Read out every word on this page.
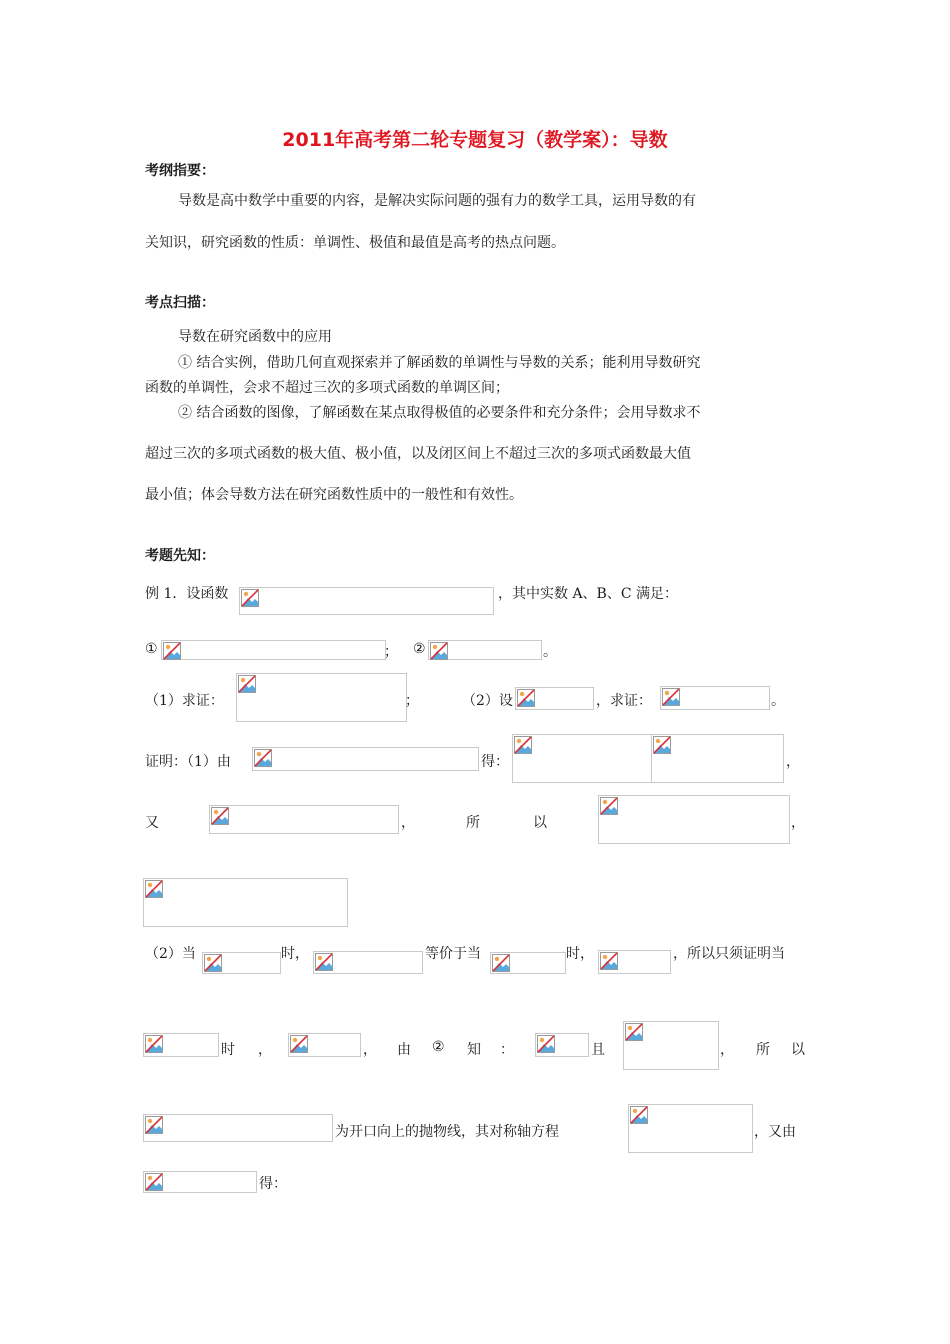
2011年高考第二轮专题复习（教学案）：导数
考纲指要：
导数是高中数学中重要的内容，是解决实际问题的强有力的数学工具，运用导数的有
关知识，研究函数的性质：单调性、极值和最值是高考的热点问题。
考点扫描：
导数在研究函数中的应用
① 结合实例，借助几何直观探索并了解函数的单调性与导数的关系；能利用导数研究
函数的单调性，会求不超过三次的多项式函数的单调区间；
② 结合函数的图像，了解函数在某点取得极值的必要条件和充分条件；会用导数求不
超过三次的多项式函数的极大值、极小值，以及闭区间上不超过三次的多项式函数最大值
最小值；体会导数方法在研究函数性质中的一般性和有效性。
考题先知：
例 1．设函数	，其中实数 A、B、C 满足：
①	； ②	。
（1）求证：	；	（2）设	，求证：	。
证明：（1）由	得：	，
又	，	所	以	，
（2）当	时，	等价于当	时，	，所以只须证明当
时 ，	， 由 ② 知 ：	且	， 所 以
为开口向上的抛物线，其对称轴方程	，又由
得：
